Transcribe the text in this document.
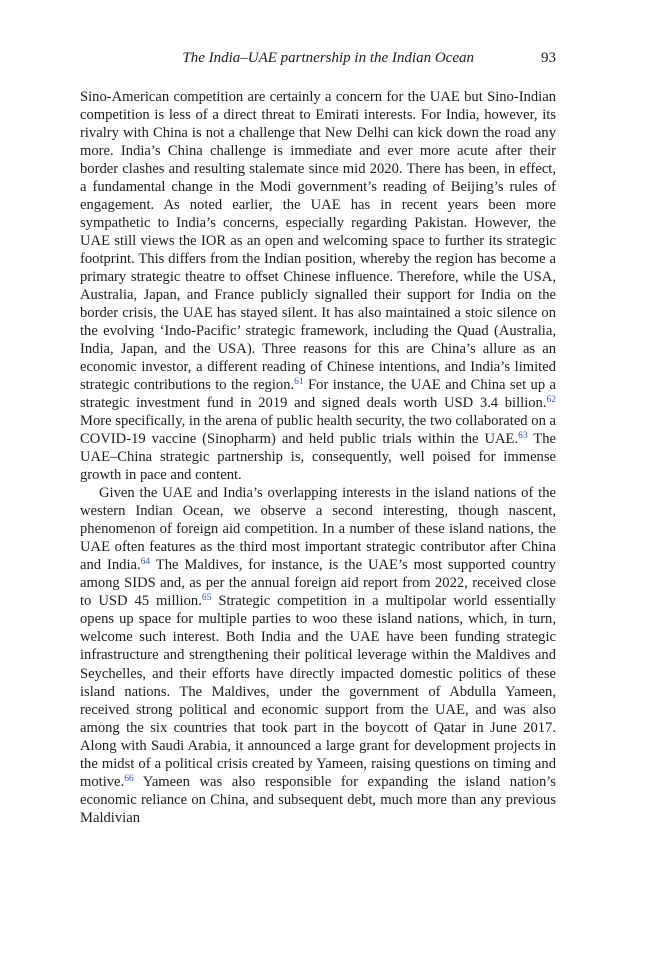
The India–UAE partnership in the Indian Ocean	93

Sino-American competition are certainly a concern for the UAE but Sino-Indian competition is less of a direct threat to Emirati interests. For India, however, its rivalry with China is not a challenge that New Delhi can kick down the road any more. India’s China challenge is immediate and ever more acute after their border clashes and resulting stalemate since mid 2020. There has been, in effect, a fundamental change in the Modi government’s reading of Beijing’s rules of engagement. As noted earlier, the UAE has in recent years been more sympathetic to India’s concerns, especially regarding Pakistan. However, the UAE still views the IOR as an open and welcoming space to further its strategic footprint. This differs from the Indian position, whereby the region has become a primary strategic theatre to offset Chinese influence. Therefore, while the USA, Australia, Japan, and France publicly signalled their support for India on the border crisis, the UAE has stayed silent. It has also maintained a stoic silence on the evolving ‘Indo-Pacific’ strategic framework, including the Quad (Australia, India, Japan, and the USA). Three reasons for this are China’s allure as an economic investor, a different reading of Chinese intentions, and India’s limited strategic contributions to the region.$^{61}$ For instance, the UAE and China set up a strategic investment fund in 2019 and signed deals worth USD 3.4 billion.$^{62}$ More specifically, in the arena of public health security, the two collaborated on a COVID-19 vaccine (Sinopharm) and held public trials within the UAE.$^{63}$ The UAE–China strategic partnership is, consequently, well poised for immense growth in pace and content.

Given the UAE and India’s overlapping interests in the island nations of the western Indian Ocean, we observe a second interesting, though nascent, phenomenon of foreign aid competition. In a number of these island nations, the UAE often features as the third most important strategic contributor after China and India.$^{64}$ The Maldives, for instance, is the UAE’s most supported country among SIDS and, as per the annual foreign aid report from 2022, received close to USD 45 million.$^{65}$ Strategic competition in a multipolar world essentially opens up space for multiple parties to woo these island nations, which, in turn, welcome such interest. Both India and the UAE have been funding strategic infrastructure and strengthening their political leverage within the Maldives and Seychelles, and their efforts have directly impacted domestic politics of these island nations. The Maldives, under the government of Abdulla Yameen, received strong political and economic support from the UAE, and was also among the six countries that took part in the boycott of Qatar in June 2017. Along with Saudi Arabia, it announced a large grant for development projects in the midst of a political crisis created by Yameen, raising questions on timing and motive.$^{66}$ Yameen was also responsible for expanding the island nation’s economic reliance on China, and subsequent debt, much more than any previous Maldivian
